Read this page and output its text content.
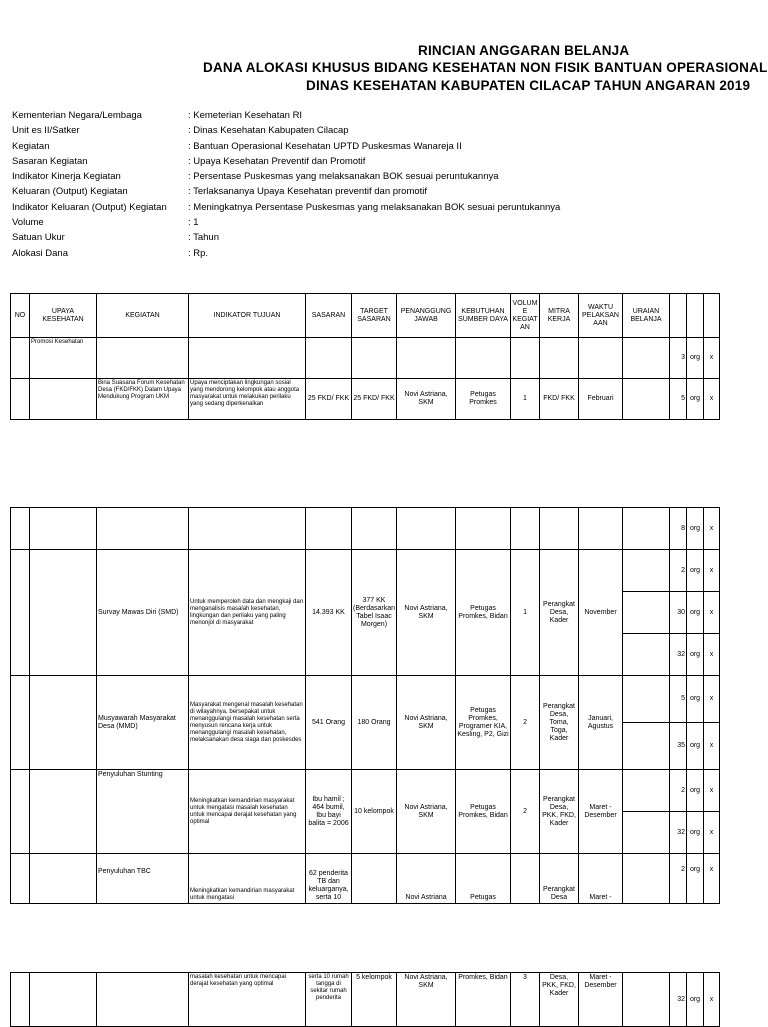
RINCIAN ANGGARAN BELANJA
DANA ALOKASI KHUSUS BIDANG KESEHATAN NON FISIK BANTUAN OPERASIONAL
DINAS KESEHATAN KABUPATEN CILACAP TAHUN ANGARAN 2019
Kementerian Negara/Lembaga	: Kemeterian Kesehatan RI
Unit es II/Satker	: Dinas Kesehatan Kabupaten Cilacap
Kegiatan	: Bantuan Operasional Kesehatan UPTD Puskesmas Wanareja II
Sasaran Kegiatan	: Upaya Kesehatan Preventif dan Promotif
Indikator Kinerja Kegiatan	: Persentase Puskesmas yang melaksanakan BOK sesuai peruntukannya
Keluaran (Output) Kegiatan	: Terlaksananya Upaya Kesehatan preventif dan promotif
Indikator Keluaran (Output) Kegiatan : Meningkatnya Persentase Puskesmas yang melaksanakan BOK sesuai peruntukannya
Volume	: 1
Satuan Ukur	: Tahun
Alokasi Dana	: Rp.
NO	UPAYA KESEHATAN	KEGIATAN	INDIKATOR TUJUAN	SASARAN	TARGET SASARAN	PENANGGUNG JAWAB	KEBUTUHAN SUMBER DAYA	VOLUM E KEGIAT AN	MITRA KERJA	WAKTU PELAKSAN AAN	URAIAN BELANJA			
	Promosi Kesehatan											3	org	x
		Bina Suasana Forum Kesehatan Desa (FKD/FKK) Dalam Upaya Mendukung Program UKM	Upaya menciptakan lingkungan sosial yang mendorong kelompok atau anggota masyarakat untuk melakukan perilaku yang sedang diperkenalkan	25 FKD/ FKK	25 FKD/ FKK	Novi Astriana, SKM	Petugas Promkes	1	FKD/ FKK	Februari		5	org	x
												8	org	x
		Survay Mawas Diri (SMD)	Untuk memperoleh data dan mengkaji dan menganalisis masalah kesehatan, lingkungan dan perilaku yang paling menonjol di masyarakat	14.393 KK	377 KK (Berdasarkan Tabel Isaac Morgen)	Novi Astriana, SKM	Petugas Promkes, Bidan	1	Perangkat Desa, Kader	November		2	org	x
												30	org	x
												32	org	x
		Musyawarah Masyarakat Desa (MMD)	Masyarakat mengenal masalah kesehatan di wilayahnya, bersepakat untuk menanggulangi masalah kesehatan serta menyusun rencana kerja untuk menanggulangi masalah kesehatan, melaksanakan desa siaga dan poskesdes	541 Orang	180 Orang	Novi Astriana, SKM	Petugas Promkes, Programer KIA, Kesling, P2, Gizi	2	Perangkat Desa, Toma, Toga, Kader	Januari, Agustus		5	org	x
												35	org	x
		Penyuluhan Stunting	Meningkatkan kemandirian masyarakat untuk mengatasi masalah kesehatan untuk mencapai derajat kesehatan yang optimal	Ibu hamil ; 464 bumil, Ibu bayi balita = 2006	10 kelompok	Novi Astriana, SKM	Petugas Promkes, Bidan	2	Perangkat Desa, PKK, FKD, Kader	Maret - Desember		2	org	x
												32	org	x
		Penyuluhan TBC	Meningkatkan kemandirian masyarakat untuk mengatasi	62 penderita TB dan keluarganya, serta 10		Novi Astriana	Petugas		Perangkat Desa	Maret -		2	org	x
			masalah kesehatan untuk mencapai derajat kesehatan yang optimal	serta 10 rumah tangga di sekitar rumah penderita	5 kelompok	Novi Astriana, SKM	Promkes, Bidan	3	Desa, PKK, FKD, Kader	Maret - Desember		32	org	x
